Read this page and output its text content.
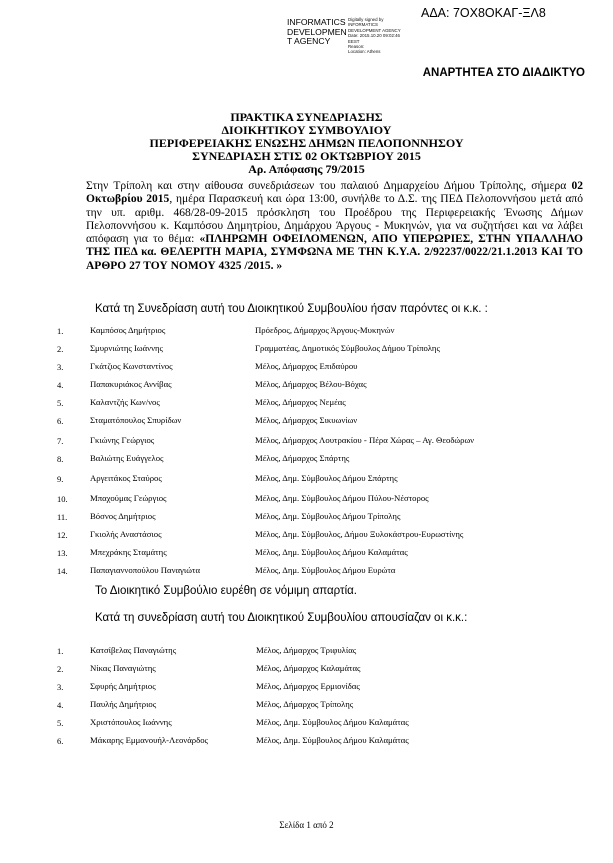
ΑΔΑ: 7ΟΧ8ΟΚΑΓ-ΞΛ8
INFORMATICS
DEVELOPMEN
T AGENCY
Digitally signed by
INFORMATICS
DEVELOPMENT AGENCY
Date: 2015.10.20 09:02:46
EEST
Reason:
Location: Athens
ΑΝΑΡΤΗΤΕΑ ΣΤΟ ΔΙΑΔΙΚΤΥΟ
ΠΡΑΚΤΙΚΑ ΣΥΝΕΔΡΙΑΣΗΣ
ΔΙΟΙΚΗΤΙΚΟΥ ΣΥΜΒΟΥΛΙΟΥ
ΠΕΡΙΦΕΡΕΙΑΚΗΣ ΕΝΩΣΗΣ ΔΗΜΩΝ ΠΕΛΟΠΟΝΝΗΣΟΥ
ΣΥΝΕΔΡΙΑΣΗ ΣΤΙΣ 02 ΟΚΤΩΒΡΙΟΥ 2015
Αρ. Απόφασης 79/2015

Στην Τρίπολη και στην αίθουσα συνεδριάσεων του παλαιού Δημαρχείου Δήμου Τρίπολης, σήμερα 02 Οκτωβρίου 2015, ημέρα Παρασκευή και ώρα 13:00, συνήλθε το Δ.Σ. της ΠΕΔ Πελοποννήσου μετά από την υπ. αριθμ. 468/28-09-2015 πρόσκληση του Προέδρου της Περιφερειακής Ένωσης Δήμων Πελοποννήσου κ. Καμπόσου Δημητρίου, Δημάρχου Άργους - Μυκηνών, για να συζητήσει και να λάβει απόφαση για το θέμα: «ΠΛΗΡΩΜΗ ΟΦΕΙΛΟΜΕΝΩΝ, ΑΠΟ ΥΠΕΡΩΡΙΕΣ, ΣΤΗΝ ΥΠΑΛΛΗΛΟ ΤΗΣ ΠΕΔ κα. ΘΕΛΕΡΙΤΗ ΜΑΡΙΑ, ΣΥΜΦΩΝΑ ΜΕ ΤΗΝ Κ.Υ.Α. 2/92237/0022/21.1.2013 ΚΑΙ ΤΟ ΑΡΘΡΟ 27 ΤΟΥ ΝΟΜΟΥ 4325 /2015. »

Κατά τη Συνεδρίαση αυτή του Διοικητικού Συμβουλίου ήσαν παρόντες οι κ.κ. :
1.	Καμπόσος Δημήτριος	Πρόεδρος, Δήμαρχος Άργους-Μυκηνών
2.	Σμυρνιώτης Ιωάννης	Γραμματέας, Δημοτικός Σύμβουλος Δήμου Τρίπολης
3.	Γκάτζιος Κωνσταντίνος	Μέλος, Δήμαρχος Επιδαύρου
4.	Παπακυριάκος Αννίβας	Μέλος, Δήμαρχος Βέλου-Βόχας
5.	Καλαντζής Κων/νος	Μέλος, Δήμαρχος Νεμέας
6.	Σταματόπουλος Σπυρίδων	Μέλος, Δήμαρχος Σικυωνίων
7.	Γκιώνης Γεώργιος	Μέλος, Δήμαρχος Λουτρακίου - Πέρα Χώρας – Αγ. Θεοδώρων
8.	Βαλιώτης Ευάγγελος	Μέλος, Δήμαρχος Σπάρτης
9.	Αργειτάκος Σταύρος	Μέλος, Δημ. Σύμβουλος Δήμου Σπάρτης
10.	Μπαχούμας Γεώργιος	Μέλος, Δημ. Σύμβουλος Δήμου Πύλου-Νέστορος
11.	Βόσνος Δημήτριος	Μέλος, Δημ. Σύμβουλος Δήμου Τρίπολης
12.	Γκιολής Αναστάσιος	Μέλος, Δημ. Σύμβουλος, Δήμου Ξυλοκάστρου-Ευρωστίνης
13.	Μπεχράκης Σταμάτης	Μέλος, Δημ. Σύμβουλος Δήμου Καλαμάτας
14.	Παπαγιαννοπούλου Παναγιώτα	Μέλος, Δημ. Σύμβουλος Δήμου Ευρώτα
Το Διοικητικό Συμβούλιο ευρέθη σε νόμιμη απαρτία.
Κατά τη συνεδρίαση αυτή του Διοικητικού Συμβουλίου απουσίαζαν οι κ.κ.:
1.	Κατσίβελας Παναγιώτης	Μέλος, Δήμαρχος Τριφυλίας
2.	Νίκας Παναγιώτης	Μέλος, Δήμαρχος Καλαμάτας
3.	Σφυρής Δημήτριος	Μέλος, Δήμαρχος Ερμιονίδας
4.	Παυλής Δημήτριος	Μέλος, Δήμαρχος Τρίπολης
5.	Χριστόπουλος Ιωάννης	Μέλος, Δημ. Σύμβουλος Δήμου Καλαμάτας
6.	Μάκαρης Εμμανουήλ-Λεονάρδος	Μέλος, Δημ. Σύμβουλος Δήμου Καλαμάτας
Σελίδα 1 από 2
